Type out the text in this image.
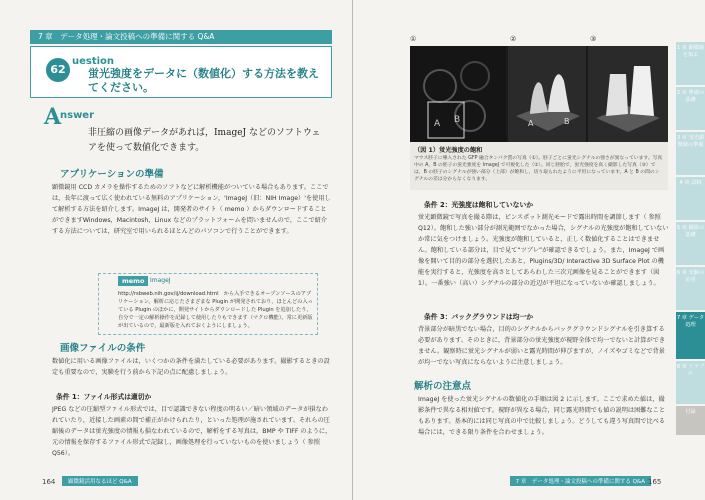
7 章　データ処理・論文投稿への準備に関する Q&A
62
uestion
蛍光強度をデータに（数値化）する方法を教えてください。
A
nswer
非圧縮の画像データがあれば，ImageJ などのソフトウェアを使って数値化できます。
アプリケーションの準備
顕微鏡用 CCD カメラを操作するためのソフトなどに解析機能がついている場合もあります。ここでは，長年に渡って広く使われている無料のアプリケーション，'ImageJ（旧：NIH Image）'を使用して解析する方法を紹介します。ImageJ は，開発者のサイト（ memo ）からダウンロードすることができますWindows，Macintosh，Linux などのプラットフォームを問いませんので，ここで紹介する方法については，研究室で用いられるほとんどのパソコンで行うことができます。
memo ImageJ
http://rsbweb.nih.gov/ij/download.html　から入手できるオープンソースのアプリケーション。解析に応じたさまざまな Plugin が開発されており，ほとんどの入っている Plugin のほかに，開発サイトからダウンロードした Plugin を追加したり，自分で一定の解析操作を記録して使用したりもできます（マクロ機能）。常に更新版が出ているので，最新版を入れておくようにしましょう。
画像ファイルの条件
数値化に用いる画像ファイルは，いくつかの条件を満たしている必要があります。撮影するときの設定も重要なので，実験を行う前から下記の点に配慮しましょう。
条件 1：ファイル形式は適切か
JPEG などの圧縮型ファイル形式では，目で認識できない程度の明るい／暗い領域のデータが損なわれていたり，近接した画素の間で補正がかけられたり，といった処理が施されています。それらの圧縮後のデータは蛍光強度の情報も損なわれているので，解析をする写真は，BMP や TIFF のように，元の情報を保存するファイル形式で記録し，画像処理を行っていないものを使いましょう（ 参照 Q56）。
164	顕微鏡活用なるほど Q&A
①	②	③
A B	A	B
（図 1）蛍光強度の飽和
マウス胚子に導入された GFP 融合タンパク質の写真（①）。胚子ごとに蛍光シグナルの強さが異なっています。写真中の A，B の胚子の蛍光強度を ImageJ で可視化した（②）。同じ胚胎で，蛍光強度を高く撮影した写真（③）では，B の胚子のシグナルが強い部分（上部）が飽和し，切り取られたように平坦になっています。A と B の間のシグナルの差は分からなくなります。
条件 2：光強度は飽和していないか
蛍光顕微鏡で写真を撮る際は，ピンスポット測光モードで露出時間を調節します（ 参照 Q12）。飽和した強い部分が測光範囲でなかった場合，シグナルの光強度が飽和していないか常に気をつけましょう。光強度が飽和していると，正しく数値化することはできません。飽和している部分は，目で見て“ツブレ”が確認できるでしょう。また，ImageJ で画像を開いて目的の部分を選択したあと，Plugins/3D/ Interactive 3D Surface Plot の機能を実行すると，光強度を高さとしてあらわした三次元画像を見ることができます（図 1）。一番強い（高い）シグナルの部分の近辺が平坦になっていないか確認しましょう。
条件 3：バックグラウンドは均一か
背景部分が暗黒でない場合，目的のシグナルからバックグラウンドシグナルを引き算する必要があります。そのときに，背景部分の蛍光強度が視野全体で均一でないと計算ができません。観察時に蛍光シグナルが弱いと露光時間が伸びますが，ノイズやゴミなどで背景が均一でない写真にならないように注意しましょう。
解析の注意点
ImageJ を使った蛍光シグナルの数値化の手順は図 2 に示します。ここで求めた値は，撮影条件で異なる相対値です。視野が異なる場合，同じ露光時間でも値の説明は困難なこともあります。基本的には同じ写真の中で比較しましょう。どうしても違う写真間で比べる場合には，できる限り条件を合わせましょう。
7 章　データ処理・論文投稿への準備に関する Q&A 165
1 章 顕微鏡を知る
2 章 準備の基礎
3 章 蛍光顕微鏡の準備
4 章 試料
5 章 撮影の基礎
6 章 実験の応用
7 章 データ処理
8 章 トラブル
付録
